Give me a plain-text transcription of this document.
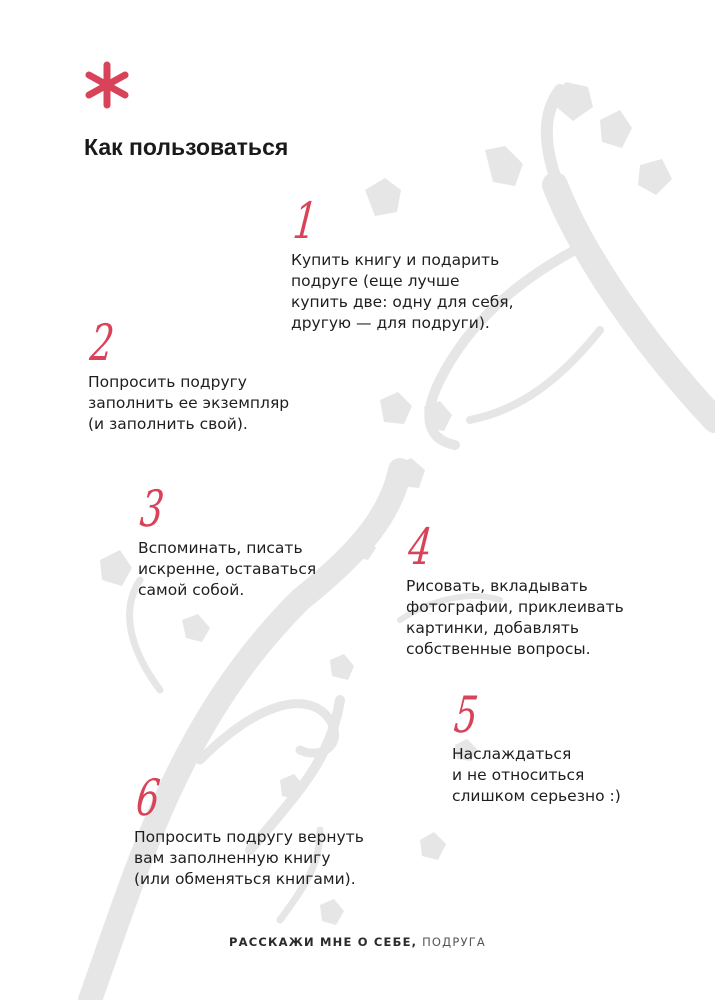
Как пользоваться
1
Купить книгу и подарить
подруге (еще лучше
купить две: одну для себя,
другую — для подруги).
2
Попросить подругу
заполнить ее экземпляр
(и заполнить свой).
3
Вспоминать, писать
искренне, оставаться
самой собой.
4
Рисовать, вкладывать
фотографии, приклеивать
картинки, добавлять
собственные вопросы.
5
Наслаждаться
и не относиться
слишком серьезно :)
6
Попросить подругу вернуть
вам заполненную книгу
(или обменяться книгами).
РАССКАЖИ МНЕ О СЕБЕ, ПОДРУГА
